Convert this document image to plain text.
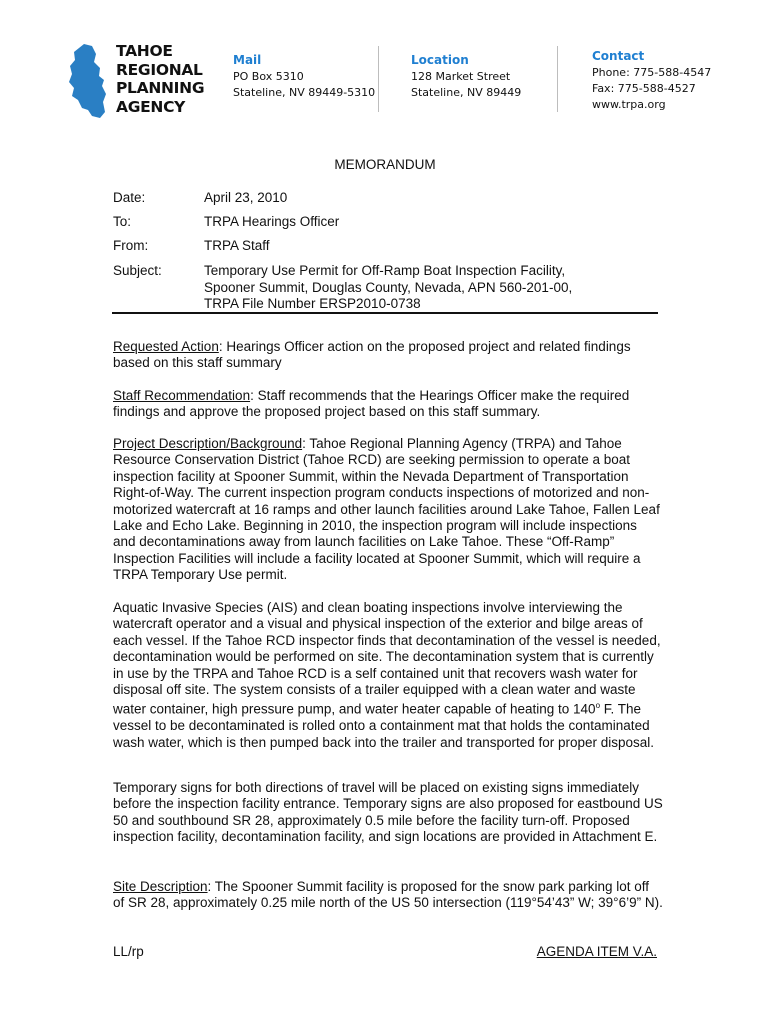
TAHOE
REGIONAL
PLANNING
AGENCY
Mail
PO Box 5310
Stateline, NV 89449-5310
Location
128 Market Street
Stateline, NV 89449
Contact
Phone: 775-588-4547
Fax: 775-588-4527
www.trpa.org
MEMORANDUM
Date:	April 23, 2010
To:	TRPA Hearings Officer
From:	TRPA Staff
Subject:	Temporary Use Permit for Off-Ramp Boat Inspection Facility,
Spooner Summit, Douglas County, Nevada, APN 560-201-00,
TRPA File Number ERSP2010-0738
Requested Action: Hearings Officer action on the proposed project and related findings based on this staff summary
Staff Recommendation: Staff recommends that the Hearings Officer make the required findings and approve the proposed project based on this staff summary.
Project Description/Background: Tahoe Regional Planning Agency (TRPA) and Tahoe Resource Conservation District (Tahoe RCD) are seeking permission to operate a boat inspection facility at Spooner Summit, within the Nevada Department of Transportation Right-of-Way. The current inspection program conducts inspections of motorized and non-motorized watercraft at 16 ramps and other launch facilities around Lake Tahoe, Fallen Leaf Lake and Echo Lake. Beginning in 2010, the inspection program will include inspections and decontaminations away from launch facilities on Lake Tahoe. These “Off-Ramp” Inspection Facilities will include a facility located at Spooner Summit, which will require a TRPA Temporary Use permit.
Aquatic Invasive Species (AIS) and clean boating inspections involve interviewing the watercraft operator and a visual and physical inspection of the exterior and bilge areas of each vessel. If the Tahoe RCD inspector finds that decontamination of the vessel is needed, decontamination would be performed on site. The decontamination system that is currently in use by the TRPA and Tahoe RCD is a self contained unit that recovers wash water for disposal off site. The system consists of a trailer equipped with a clean water and waste water container, high pressure pump, and water heater capable of heating to 140$^o$ F. The vessel to be decontaminated is rolled onto a containment mat that holds the contaminated wash water, which is then pumped back into the trailer and transported for proper disposal.
Temporary signs for both directions of travel will be placed on existing signs immediately before the inspection facility entrance. Temporary signs are also proposed for eastbound US 50 and southbound SR 28, approximately 0.5 mile before the facility turn-off. Proposed inspection facility, decontamination facility, and sign locations are provided in Attachment E.
Site Description: The Spooner Summit facility is proposed for the snow park parking lot off of SR 28, approximately 0.25 mile north of the US 50 intersection (119°54’43” W; 39°6’9” N).
LL/rp	AGENDA ITEM V.A.
